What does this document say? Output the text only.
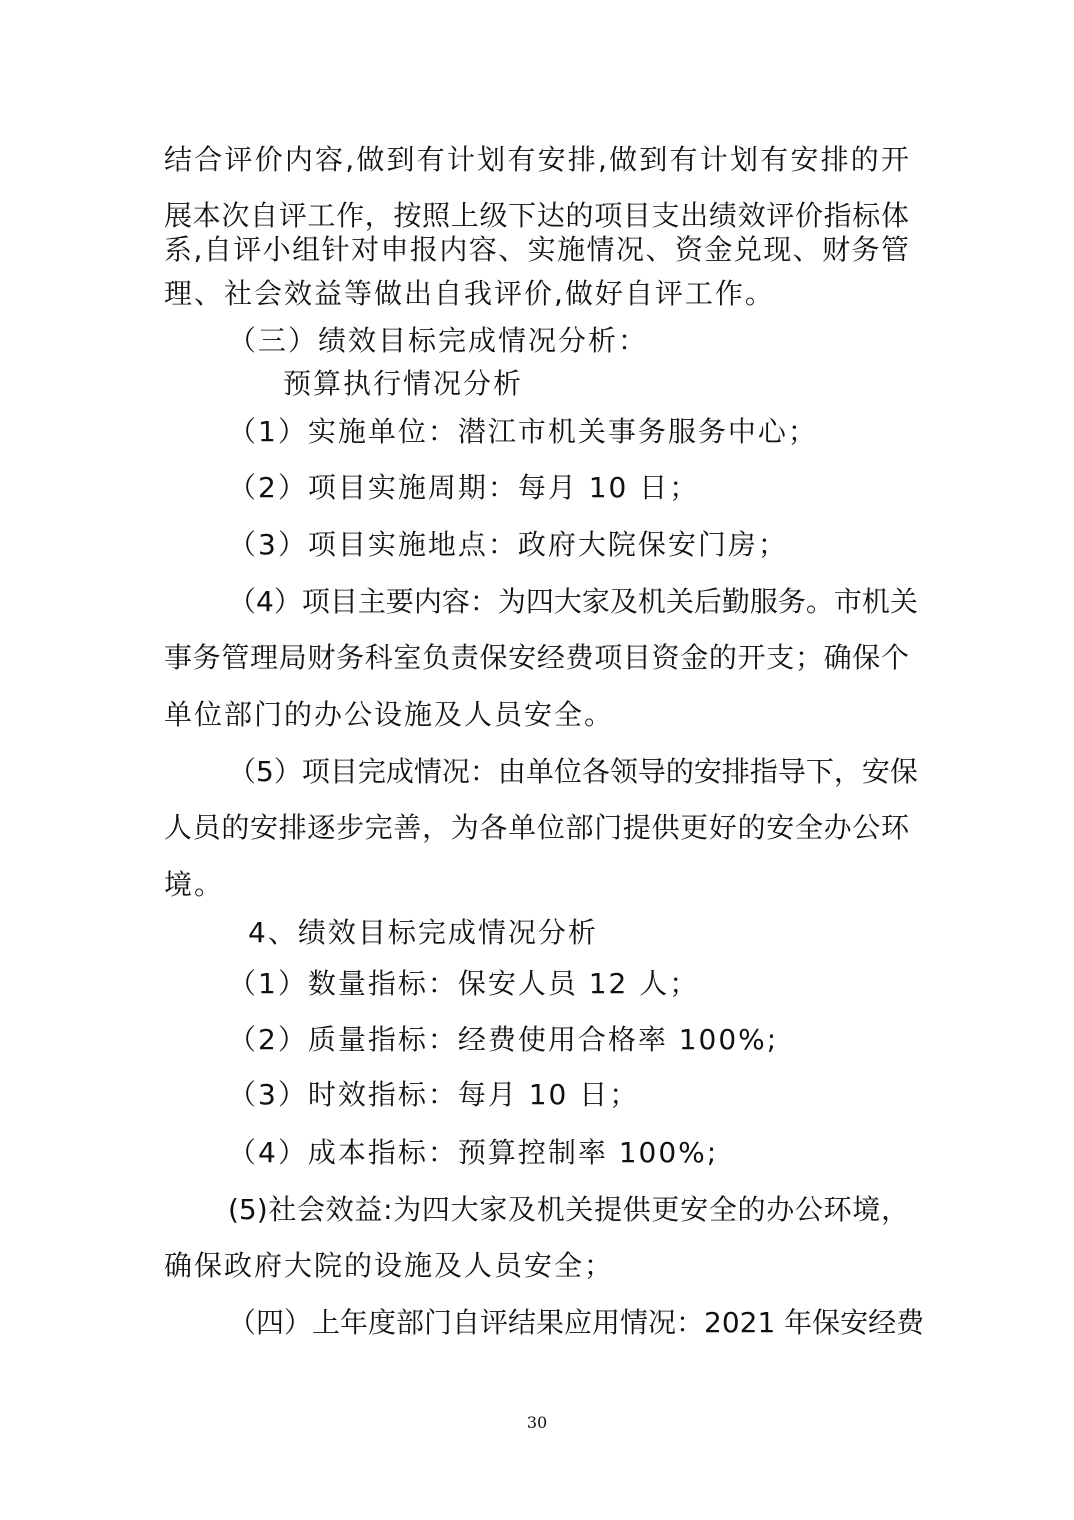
结合评价内容,做到有计划有安排,做到有计划有安排的开
展本次自评工作，按照上级下达的项目支出绩效评价指标体
系,自评小组针对申报内容、实施情况、资金兑现、财务管
理、社会效益等做出自我评价,做好自评工作。
（三）绩效目标完成情况分析：
预算执行情况分析
（1）实施单位：潜江市机关事务服务中心；
（2）项目实施周期：每月 10 日；
（3）项目实施地点：政府大院保安门房；
（4）项目主要内容：为四大家及机关后勤服务。市机关
事务管理局财务科室负责保安经费项目资金的开支；确保个
单位部门的办公设施及人员安全。
（5）项目完成情况：由单位各领导的安排指导下，安保
人员的安排逐步完善，为各单位部门提供更好的安全办公环
境。
4、绩效目标完成情况分析
（1）数量指标：保安人员 12 人；
（2）质量指标：经费使用合格率 100%;
（3）时效指标：每月 10 日；
（4）成本指标：预算控制率 100%;
(5)社会效益:为四大家及机关提供更安全的办公环境，
确保政府大院的设施及人员安全；
（四）上年度部门自评结果应用情况：2021 年保安经费
30
